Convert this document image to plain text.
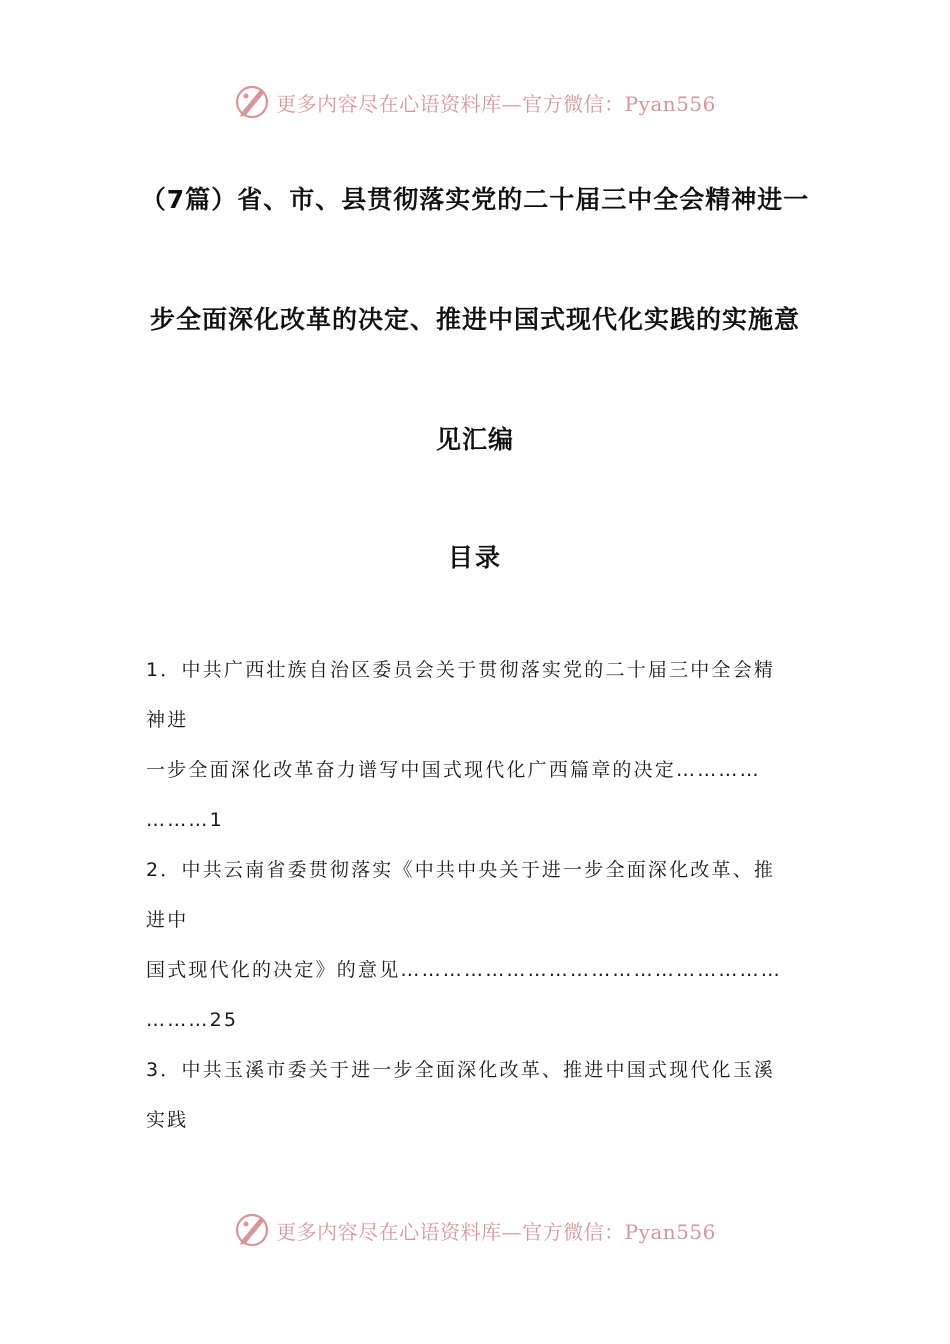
更多内容尽在心语资料库—官方微信：Pyan556
（7篇）省、市、县贯彻落实党的二十届三中全会精神进一
步全面深化改革的决定、推进中国式现代化实践的实施意
见汇编
目录
1．中共广西壮族自治区委员会关于贯彻落实党的二十届三中全会精
神进
一步全面深化改革奋力谱写中国式现代化广西篇章的决定…………
………1
2．中共云南省委贯彻落实《中共中央关于进一步全面深化改革、推
进中
国式现代化的决定》的意见………………………………………………
………25
3．中共玉溪市委关于进一步全面深化改革、推进中国式现代化玉溪
实践
更多内容尽在心语资料库—官方微信：Pyan556
